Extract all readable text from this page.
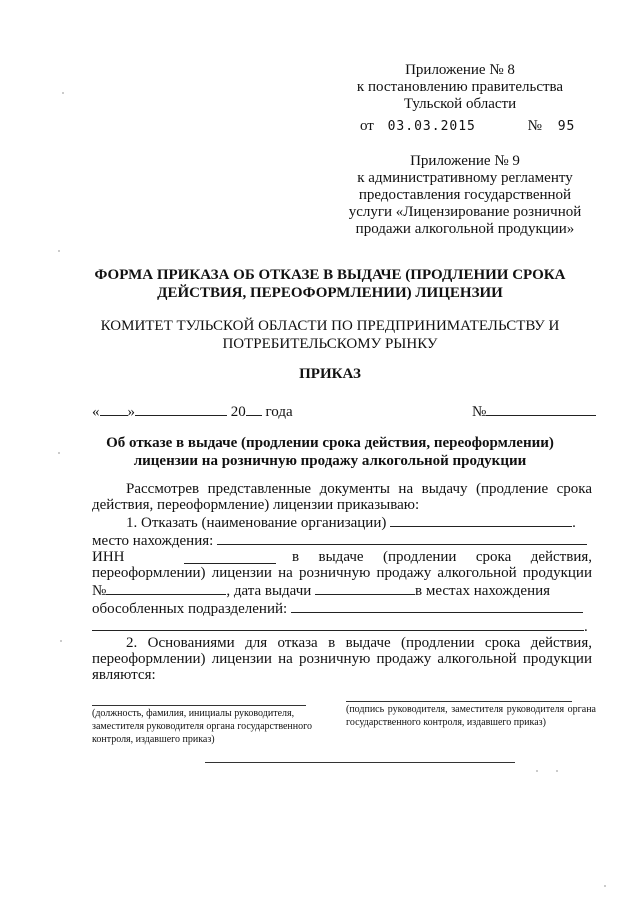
Приложение № 8
к постановлению правительства
Тульской области
от 03.03.2015	№ 95
Приложение № 9
к административному регламенту
предоставления государственной
услуги «Лицензирование розничной
продажи алкогольной продукции»
ФОРМА ПРИКАЗА ОБ ОТКАЗЕ В ВЫДАЧЕ (ПРОДЛЕНИИ СРОКА
ДЕЙСТВИЯ, ПЕРЕОФОРМЛЕНИИ) ЛИЦЕНЗИИ
КОМИТЕТ ТУЛЬСКОЙ ОБЛАСТИ ПО ПРЕДПРИНИМАТЕЛЬСТВУ И
ПОТРЕБИТЕЛЬСКОМУ РЫНКУ
ПРИКАЗ
« »	20 года	№
Об отказе в выдаче (продлении срока действия, переоформлении)
лицензии на розничную продажу алкогольной продукции
Рассмотрев представленные документы на выдачу (продление срока
действия, переоформление) лицензии приказываю:
1. Отказать (наименование организации)	.
место нахождения:
ИНН	в выдаче (продлении срока действия,
переоформлении) лицензии на розничную продажу алкогольной продукции
№	, дата выдачи	в местах нахождения
обособленных подразделений:
.
2. Основаниями для отказа в выдаче (продлении срока действия,
переоформлении) лицензии на розничную продажу алкогольной продукции
являются:
(должность, фамилия, инициалы руководителя, заместителя руководителя органа государственного контроля, издавшего приказ)
(подпись руководителя, заместителя руководителя органа государственного контроля, издавшего приказ)
